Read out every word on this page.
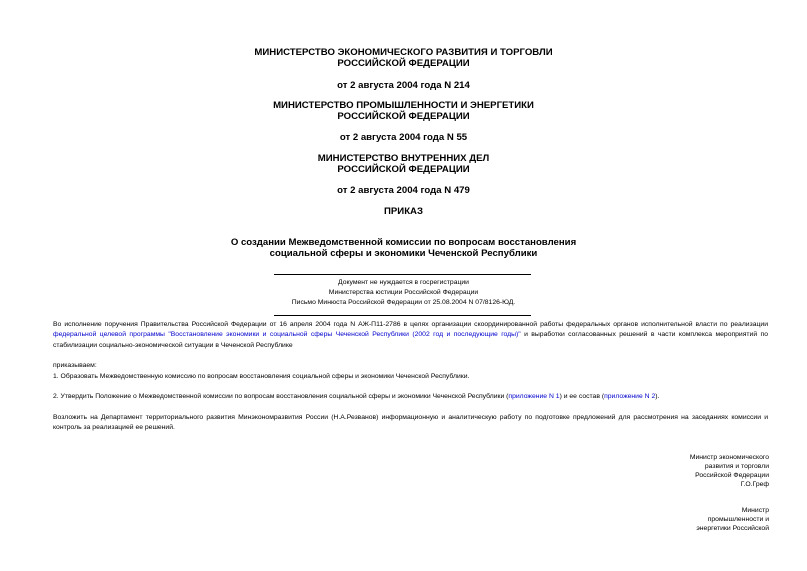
МИНИСТЕРСТВО ЭКОНОМИЧЕСКОГО РАЗВИТИЯ И ТОРГОВЛИ
РОССИЙСКОЙ ФЕДЕРАЦИИ
от 2 августа 2004 года N 214
МИНИСТЕРСТВО ПРОМЫШЛЕННОСТИ И ЭНЕРГЕТИКИ
РОССИЙСКОЙ ФЕДЕРАЦИИ
от 2 августа 2004 года N 55
МИНИСТЕРСТВО ВНУТРЕННИХ ДЕЛ
РОССИЙСКОЙ ФЕДЕРАЦИИ
от 2 августа 2004 года N 479
ПРИКАЗ
О создании Межведомственной комиссии по вопросам восстановления
социальной сферы и экономики Чеченской Республики
Документ не нуждается в госрегистрации
Министерства юстиции Российской Федерации
Письмо Минюста Российской Федерации от 25.08.2004 N 07/8126-ЮД.
Во исполнение поручения Правительства Российской Федерации от 16 апреля 2004 года N АЖ-П11-2786 в целях организации скоординированной работы федеральных органов исполнительной власти по реализации федеральной целевой программы "Восстановление экономики и социальной сферы Чеченской Республики (2002 год и последующие годы)" и выработки согласованных решений в части комплекса мероприятий по стабилизации социально-экономической ситуации в Чеченской Республике
приказываем:
1. Образовать Межведомственную комиссию по вопросам восстановления социальной сферы и экономики Чеченской Республики.
2. Утвердить Положение о Межведомственной комиссии по вопросам восстановления социальной сферы и экономики Чеченской Республики (приложение N 1) и ее состав (приложение N 2).
Возложить на Департамент территориального развития Минэкономразвития России (Н.А.Резванов) информационную и аналитическую работу по подготовке предложений для рассмотрения на заседаниях комиссии и контроль за реализацией ее решений.
Министр экономического
развития и торговли
Российской Федерации
Г.О.Греф
Министр
промышленности и
энергетики Российской
